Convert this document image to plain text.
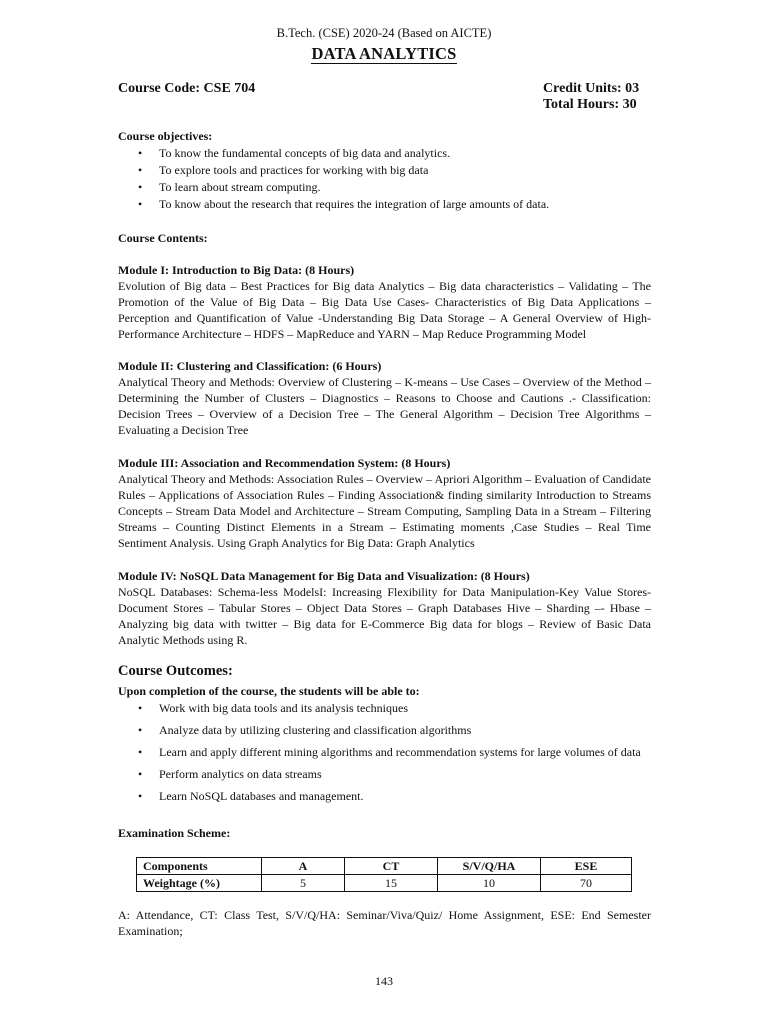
B.Tech. (CSE) 2020-24 (Based on AICTE)
DATA ANALYTICS
Course Code: CSE 704	Credit Units: 03
Total Hours: 30
Course objectives:
• To know the fundamental concepts of big data and analytics.
• To explore tools and practices for working with big data
• To learn about stream computing.
• To know about the research that requires the integration of large amounts of data.
Course Contents:
Module I: Introduction to Big Data: (8 Hours)
Evolution of Big data – Best Practices for Big data Analytics – Big data characteristics – Validating – The Promotion of the Value of Big Data – Big Data Use Cases- Characteristics of Big Data Applications – Perception and Quantification of Value -Understanding Big Data Storage – A General Overview of High-Performance Architecture – HDFS – MapReduce and YARN – Map Reduce Programming Model
Module II: Clustering and Classification: (6 Hours)
Analytical Theory and Methods: Overview of Clustering – K-means – Use Cases – Overview of the Method – Determining the Number of Clusters – Diagnostics – Reasons to Choose and Cautions .- Classification: Decision Trees – Overview of a Decision Tree – The General Algorithm – Decision Tree Algorithms – Evaluating a Decision Tree
Module III: Association and Recommendation System: (8 Hours)
Analytical Theory and Methods: Association Rules – Overview – Apriori Algorithm – Evaluation of Candidate Rules – Applications of Association Rules – Finding Association& finding similarity Introduction to Streams Concepts – Stream Data Model and Architecture – Stream Computing, Sampling Data in a Stream – Filtering Streams – Counting Distinct Elements in a Stream – Estimating moments ,Case Studies – Real Time Sentiment Analysis. Using Graph Analytics for Big Data: Graph Analytics
Module IV: NoSQL Data Management for Big Data and Visualization: (8 Hours)
NoSQL Databases: Schema-less ModelsI: Increasing Flexibility for Data Manipulation-Key Value Stores-Document Stores – Tabular Stores – Object Data Stores – Graph Databases Hive – Sharding –- Hbase – Analyzing big data with twitter – Big data for E-Commerce Big data for blogs – Review of Basic Data Analytic Methods using R.
Course Outcomes:
Upon completion of the course, the students will be able to:
• Work with big data tools and its analysis techniques
• Analyze data by utilizing clustering and classification algorithms
• Learn and apply different mining algorithms and recommendation systems for large volumes of data
• Perform analytics on data streams
• Learn NoSQL databases and management.
Examination Scheme:
Components	A	CT	S/V/Q/HA	ESE
Weightage (%)	5	15	10	70
A: Attendance, CT: Class Test, S/V/Q/HA: Seminar/Viva/Quiz/ Home Assignment, ESE: End Semester Examination;
143
